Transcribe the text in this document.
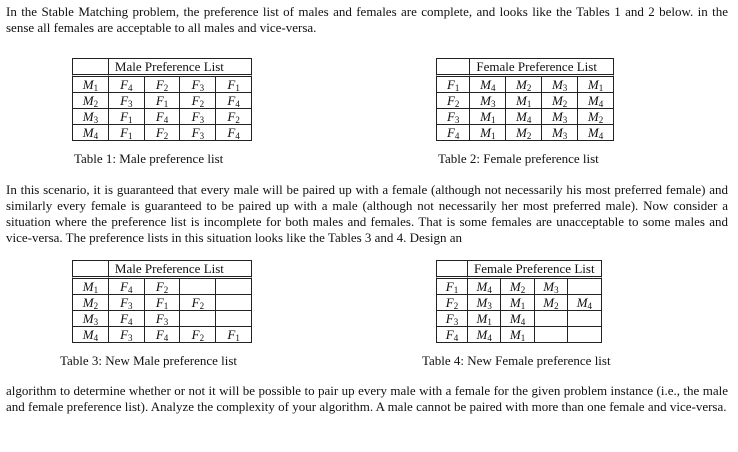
In the Stable Matching problem, the preference list of males and females are complete, and looks like the Tables 1 and 2 below. in the sense all females are acceptable to all males and vice-versa.

	Male Preference List			
$M_1$	$F_4$	$F_2$	$F_3$	$F_1$
$M_2$	$F_3$	$F_1$	$F_2$	$F_4$
$M_3$	$F_1$	$F_4$	$F_3$	$F_2$
$M_4$	$F_1$	$F_2$	$F_3$	$F_4$
	Female Preference List			
$F_1$	$M_4$	$M_2$	$M_3$	$M_1$
$F_2$	$M_3$	$M_1$	$M_2$	$M_4$
$F_3$	$M_1$	$M_4$	$M_3$	$M_2$
$F_4$	$M_1$	$M_2$	$M_3$	$M_4$
Table 1: Male preference list	Table 2: Female preference list

In this scenario, it is guaranteed that every male will be paired up with a female (although not necessarily his most preferred female) and similarly every female is guaranteed to be paired up with a male (although not necessarily her most preferred male). Now consider a situation where the preference list is incomplete for both males and females. That is some females are unacceptable to some males and vice-versa. The preference lists in this situation looks like the Tables 3 and 4. Design an

	Male Preference List			
$M_1$	$F_4$	$F_2$		
$M_2$	$F_3$	$F_1$	$F_2$	
$M_3$	$F_4$	$F_3$		
$M_4$	$F_3$	$F_4$	$F_2$	$F_1$
	Female Preference List			
$F_1$	$M_4$	$M_2$	$M_3$	
$F_2$	$M_3$	$M_1$	$M_2$	$M_4$
$F_3$	$M_1$	$M_4$		
$F_4$	$M_4$	$M_1$		
Table 3: New Male preference list	Table 4: New Female preference list

algorithm to determine whether or not it will be possible to pair up every male with a female for the given problem instance (i.e., the male and female preference list). Analyze the complexity of your algorithm. A male cannot be paired with more than one female and vice-versa.
